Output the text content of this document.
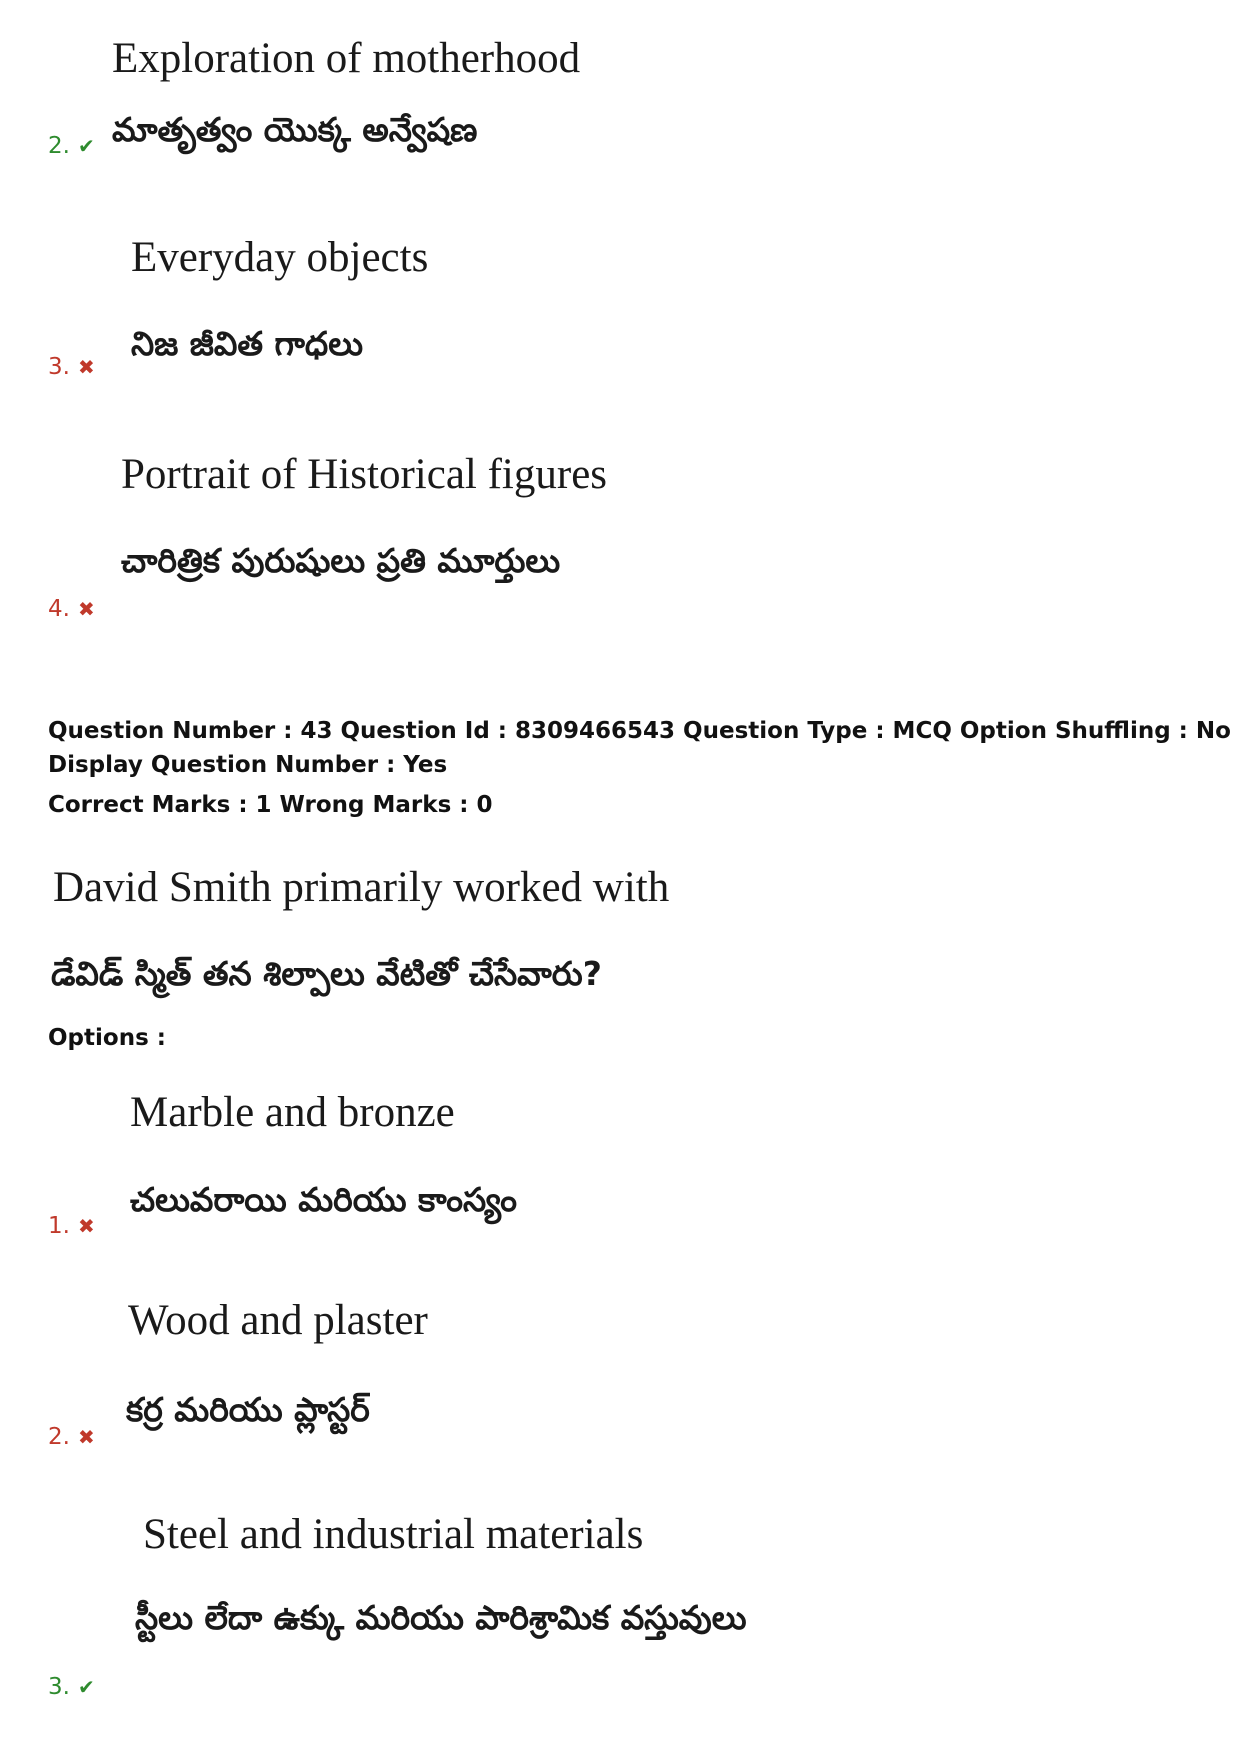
Exploration of motherhood
మాతృత్వం యొక్క అన్వేషణ
2. ✔
Everyday objects
నిజ జీవిత గాధలు
3. ✖
Portrait of Historical figures
చారిత్రిక పురుషులు ప్రతి మూర్తులు
4. ✖
Question Number : 43 Question Id : 8309466543 Question Type : MCQ Option Shuffling : No
Display Question Number : Yes
Correct Marks : 1 Wrong Marks : 0
David Smith primarily worked with
డేవిడ్ స్మిత్ తన శిల్పాలు వేటితో చేసేవారు?
Options :
Marble and bronze
చలువరాయి మరియు కాంస్యం
1. ✖
Wood and plaster
కర్ర మరియు ప్లాస్టర్
2. ✖
Steel and industrial materials
స్టీలు లేదా ఉక్కు మరియు పారిశ్రామిక వస్తువులు
3. ✔
